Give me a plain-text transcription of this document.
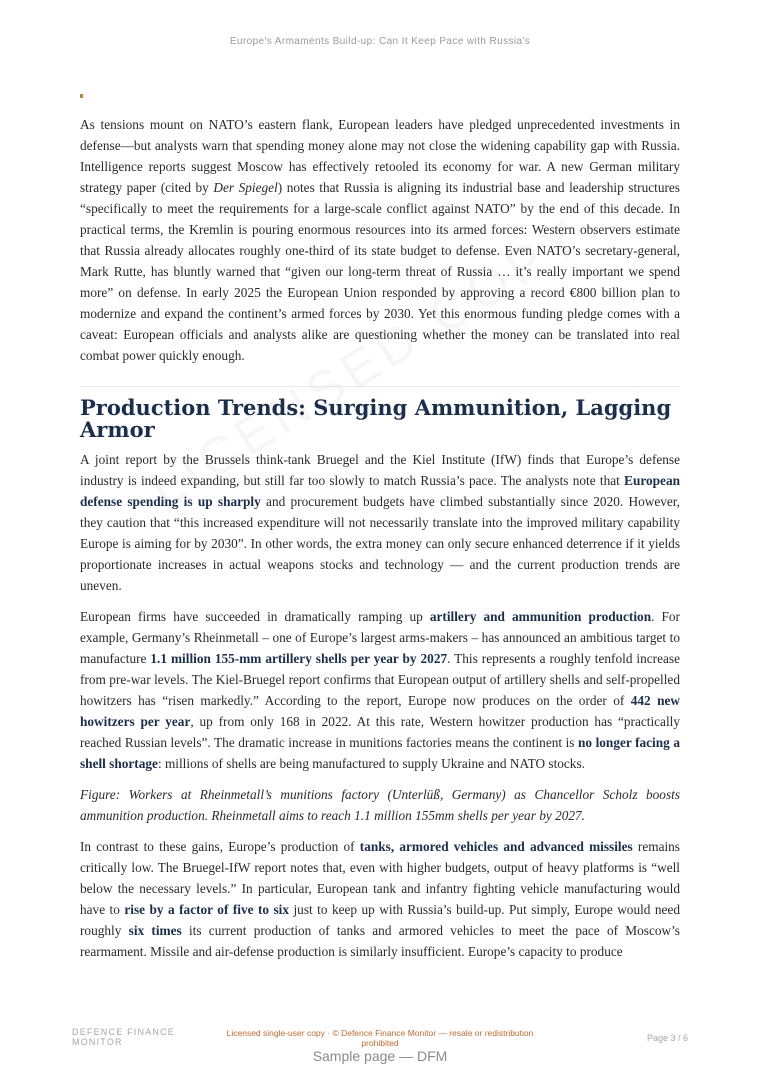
Europe's Armaments Build-up: Can It Keep Pace with Russia's

As tensions mount on NATO’s eastern flank, European leaders have pledged unprecedented investments in defense—but analysts warn that spending money alone may not close the widening capability gap with Russia. Intelligence reports suggest Moscow has effectively retooled its economy for war. A new German military strategy paper (cited by Der Spiegel) notes that Russia is aligning its industrial base and leadership structures “specifically to meet the requirements for a large-scale conflict against NATO” by the end of this decade. In practical terms, the Kremlin is pouring enormous resources into its armed forces: Western observers estimate that Russia already allocates roughly one-third of its state budget to defense. Even NATO’s secretary-general, Mark Rutte, has bluntly warned that “given our long-term threat of Russia … it’s really important we spend more” on defense. In early 2025 the European Union responded by approving a record €800 billion plan to modernize and expand the continent’s armed forces by 2030. Yet this enormous funding pledge comes with a caveat: European officials and analysts alike are questioning whether the money can be translated into real combat power quickly enough.

Production Trends: Surging Ammunition, Lagging Armor

A joint report by the Brussels think-tank Bruegel and the Kiel Institute (IfW) finds that Europe’s defense industry is indeed expanding, but still far too slowly to match Russia’s pace. The analysts note that European defense spending is up sharply and procurement budgets have climbed substantially since 2020. However, they caution that “this increased expenditure will not necessarily translate into the improved military capability Europe is aiming for by 2030”. In other words, the extra money can only secure enhanced deterrence if it yields proportionate increases in actual weapons stocks and technology — and the current production trends are uneven.

European firms have succeeded in dramatically ramping up artillery and ammunition production. For example, Germany’s Rheinmetall – one of Europe’s largest arms-makers – has announced an ambitious target to manufacture 1.1 million 155-mm artillery shells per year by 2027. This represents a roughly tenfold increase from pre-war levels. The Kiel-Bruegel report confirms that European output of artillery shells and self-propelled howitzers has “risen markedly.” According to the report, Europe now produces on the order of 442 new howitzers per year, up from only 168 in 2022. At this rate, Western howitzer production has “practically reached Russian levels”. The dramatic increase in munitions factories means the continent is no longer facing a shell shortage: millions of shells are being manufactured to supply Ukraine and NATO stocks.

Figure: Workers at Rheinmetall’s munitions factory (Unterlüß, Germany) as Chancellor Scholz boosts ammunition production. Rheinmetall aims to reach 1.1 million 155mm shells per year by 2027.

In contrast to these gains, Europe’s production of tanks, armored vehicles and advanced missiles remains critically low. The Bruegel-IfW report notes that, even with higher budgets, output of heavy platforms is “well below the necessary levels.” In particular, European tank and infantry fighting vehicle manufacturing would have to rise by a factor of five to six just to keep up with Russia’s build-up. Put simply, Europe would need roughly six times its current production of tanks and armored vehicles to meet the pace of Moscow’s rearmament. Missile and air-defense production is similarly insufficient. Europe’s capacity to produce

DEFENCE FINANCE
MONITOR
Licensed single-user copy · © Defence Finance Monitor — resale or redistribution prohibited	Page 3 / 6
Sample page — DFM
